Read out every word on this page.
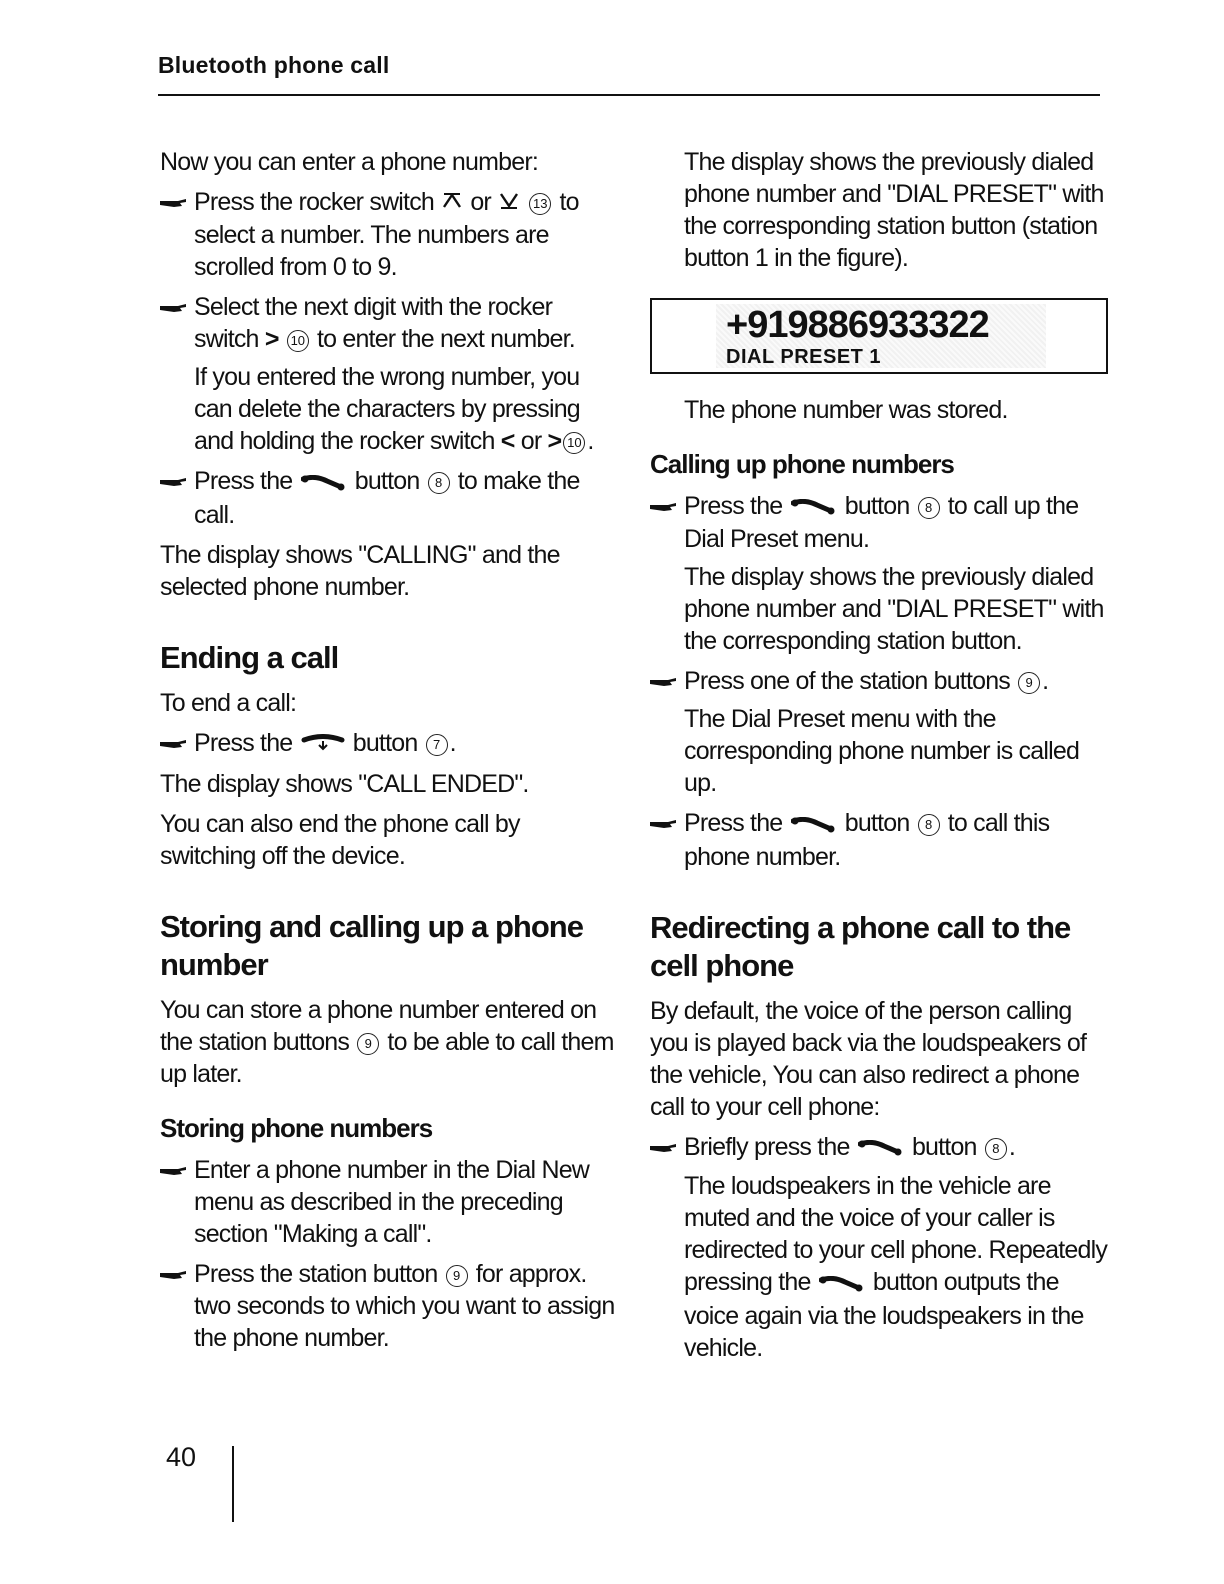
Bluetooth phone call

Now you can enter a phone number:

Press the rocker switch or	13 to select a number. The numbers are scrolled from 0 to 9.

Select the next digit with the rocker switch > 10 to enter the next number.

If you entered the wrong number, you can delete the characters by pressing and holding the rocker switch < or > 10 .

Press the button 8 to make the call.

The display shows "CALLING" and the selected phone number.

Ending a call

To end a call:

Press the button 7 .

The display shows "CALL ENDED".

You can also end the phone call by switching off the device.

Storing and calling up a phone number

You can store a phone number entered on the station buttons 9 to be able to call them up later.

Storing phone numbers

Enter a phone number in the Dial New menu as described in the preceding section "Making a call".

Press the station button 9 for approx. two seconds to which you want to assign the phone number.

The display shows the previously dialed phone number and "DIAL PRESET" with the corresponding station button (station button 1 in the figure).

+919886933322
DIAL PRESET 1

The phone number was stored.

Calling up phone numbers

Press the button 8 to call up the Dial Preset menu.

The display shows the previously dialed phone number and "DIAL PRESET" with the corresponding station button.

Press one of the station buttons 9 .

The Dial Preset menu with the corresponding phone number is called up.

Press the button 8 to call this phone number.

Redirecting a phone call to the cell phone

By default, the voice of the person calling you is played back via the loudspeakers of the vehicle, You can also redirect a phone call to your cell phone:

Briefly press the button 8 .

The loudspeakers in the vehicle are muted and the voice of your caller is redirected to your cell phone. Repeatedly pressing the button outputs the voice again via the loudspeakers in the vehicle.

40
